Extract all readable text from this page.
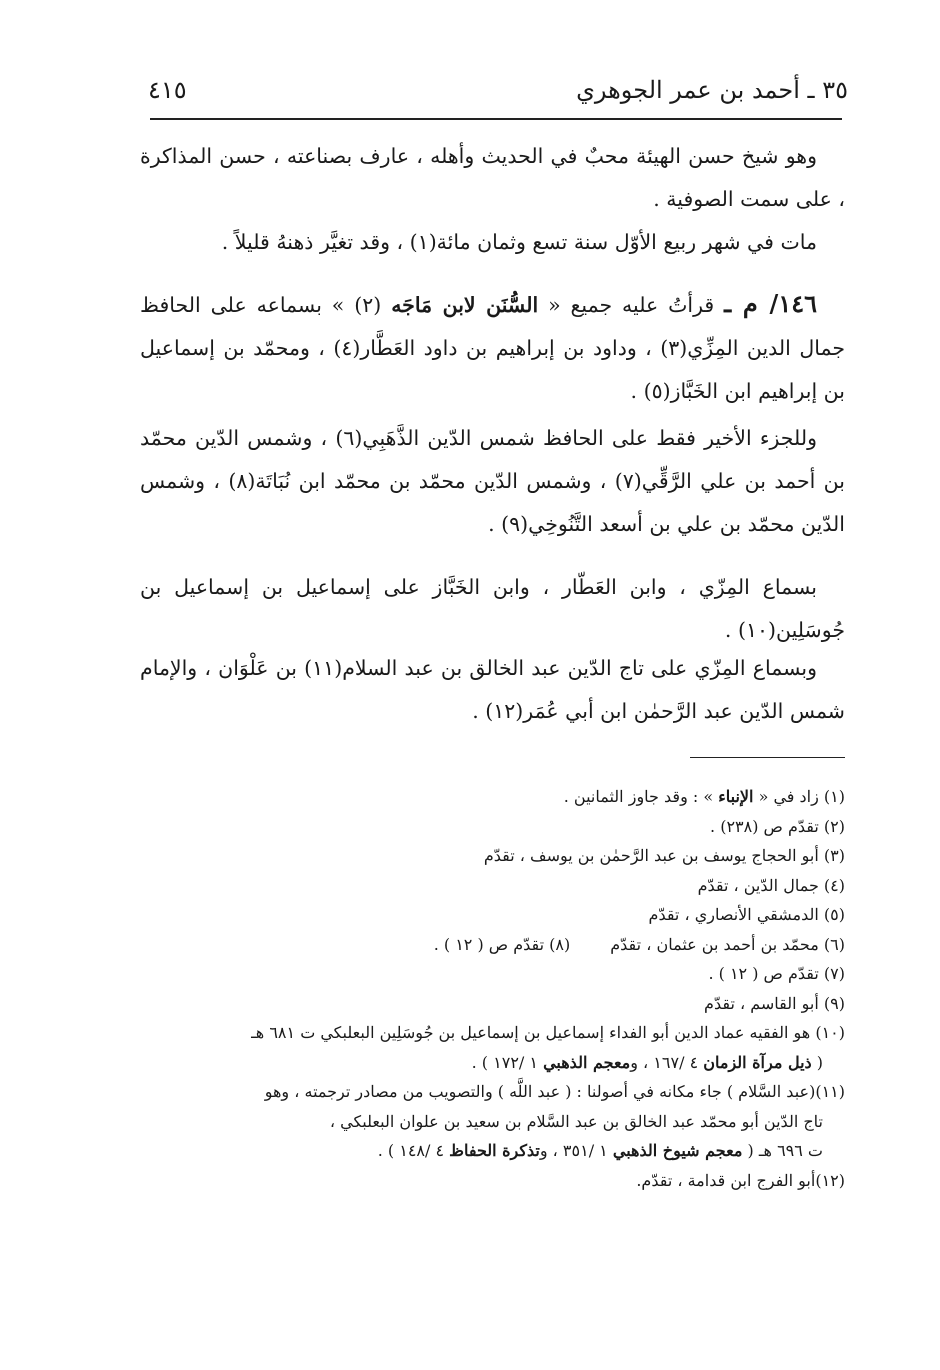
٣٥ ـ أحمد بن عمر الجوهري
٤١٥

وهو شيخ حسن الهيئة محبٌ في الحديث وأهله ، عارف بصناعته ، حسن المذاكرة ، على سمت الصوفية .

مات في شهر ربيع الأوّل سنة تسع وثمان مائة(١) ، وقد تغيَّر ذهنهُ قليلاً .

١٤٦/ م ـ قرأتُ عليه جميع « السُّنَن لابن مَاجَه (٢) » بسماعه على الحافظ جمال الدين المِزِّي(٣) ، وداود بن إبراهيم بن داود العَطَّار(٤) ، ومحمّد بن إسماعيل بن إبراهيم ابن الخَبَّاز(٥) .

وللجزء الأخير فقط على الحافظ شمس الدّين الذَّهَبِي(٦) ، وشمس الدّين محمّد بن أحمد بن علي الرَّقِّي(٧) ، وشمس الدّين محمّد بن محمّد ابن نُبَاتَة(٨) ، وشمس الدّين محمّد بن علي بن أسعد التَّنُوخِي(٩) .

بسماع المِزّي ، وابن العَطّار ، وابن الخَبَّاز على إسماعيل بن إسماعيل بن جُوسَلِين(١٠) .

وبسماع المِزّي على تاج الدّين عبد الخالق بن عبد السلام(١١) بن عَلْوَان ، والإمام شمس الدّين عبد الرَّحمٰن ابن أبي عُمَر(١٢) .

(١) زاد في « الإنباء » : وقد جاوز الثمانين .

(٢) تقدّم ص (٢٣٨) .

(٣) أبو الحجاج يوسف بن عبد الرَّحمٰن بن يوسف ، تقدّم

(٤) جمال الدّين ، تقدّم

(٥) الدمشقي الأنصاري ، تقدّم

(٦) محمّد بن أحمد بن عثمان ، تقدّم
(٨) تقدّم ص ( ١٢ ) .

(٧) تقدّم ص ( ١٢ ) .

(٩) أبو القاسم ، تقدّم

(١٠) هو الفقيه عماد الدين أبو الفداء إسماعيل بن إسماعيل بن جُوسَلِين البعلبكي ت ٦٨١ هـ

( ذيل مرآة الزمان ٤ /١٦٧ ، ومعجم الذهبي ١ /١٧٢ ) .

(١١)(عبد السَّلام ) جاء مكانه في أصولنا : ( عبد اللَّه ) والتصويب من مصادر ترجمته ، وهو

تاج الدّين أبو محمّد عبد الخالق بن عبد السَّلام بن سعيد بن علوان البعلبكي ،

ت ٦٩٦ هـ ( معجم شيوخ الذهبي ١ /٣٥١ ، وتذكرة الحفاظ ٤ /١٤٨ ) .

(١٢)أبو الفرج ابن قدامة ، تقدّم.
